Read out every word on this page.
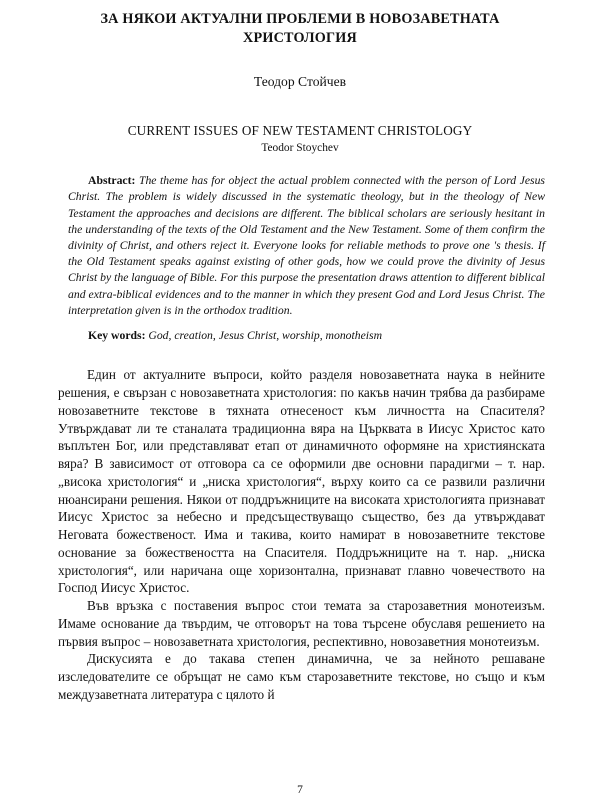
ЗА НЯКОИ АКТУАЛНИ ПРОБЛЕМИ В НОВОЗАВЕТНАТА ХРИСТОЛОГИЯ

Теодор Стойчев

CURRENT ISSUES OF NEW TESTAMENT CHRISTOLOGY

Teodor Stoychev

Abstract: The theme has for object the actual problem connected with the person of Lord Jesus Christ. The problem is widely discussed in the systematic theology, but in the theology of New Testament the approaches and decisions are different. The biblical scholars are seriously hesitant in the understanding of the texts of the Old Testament and the New Testament. Some of them confirm the divinity of Christ, and others reject it. Everyone looks for reliable methods to prove one 's thesis. If the Old Testament speaks against existing of other gods, how we could prove the divinity of Jesus Christ by the language of Bible. For this purpose the presentation draws attention to different biblical and extra-biblical evidences and to the manner in which they present God and Lord Jesus Christ. The interpretation given is in the orthodox tradition.

Key words: God, creation, Jesus Christ, worship, monotheism

Един от актуалните въпроси, който разделя новозаветната наука в нейните решения, е свързан с новозаветната христология: по какъв начин трябва да разбираме новозаветните текстове в тяхната отнесеност към личността на Спасителя? Утвърждават ли те станалата традиционна вяра на Църквата в Иисус Христос като въплътен Бог, или представляват етап от динамичното оформяне на християнската вяра? В зависимост от отговора са се оформили две основни парадигми – т. нар. „висока христология“ и „ниска христология“, върху които са се развили различни нюансирани решения. Някои от поддръжниците на високата христологията признават Иисус Христос за небесно и предсъществуващо същество, без да утвърждават Неговата божественост. Има и такива, които намират в новозаветните текстове основание за божествеността на Спасителя. Поддръжниците на т. нар. „ниска христология“, или наричана още хоризонтална, признават главно човечеството на Господ Иисус Христос.

Във връзка с поставения въпрос стои темата за старозаветния монотеизъм. Имаме основание да твърдим, че отговорът на това търсене обуславя решението на първия въпрос – новозаветната христология, респективно, новозаветния монотеизъм.

Дискусията е до такава степен динамична, че за нейното решаване изследователите се обръщат не само към старозаветните текстове, но също и към междузаветната литература с цялото й

7
